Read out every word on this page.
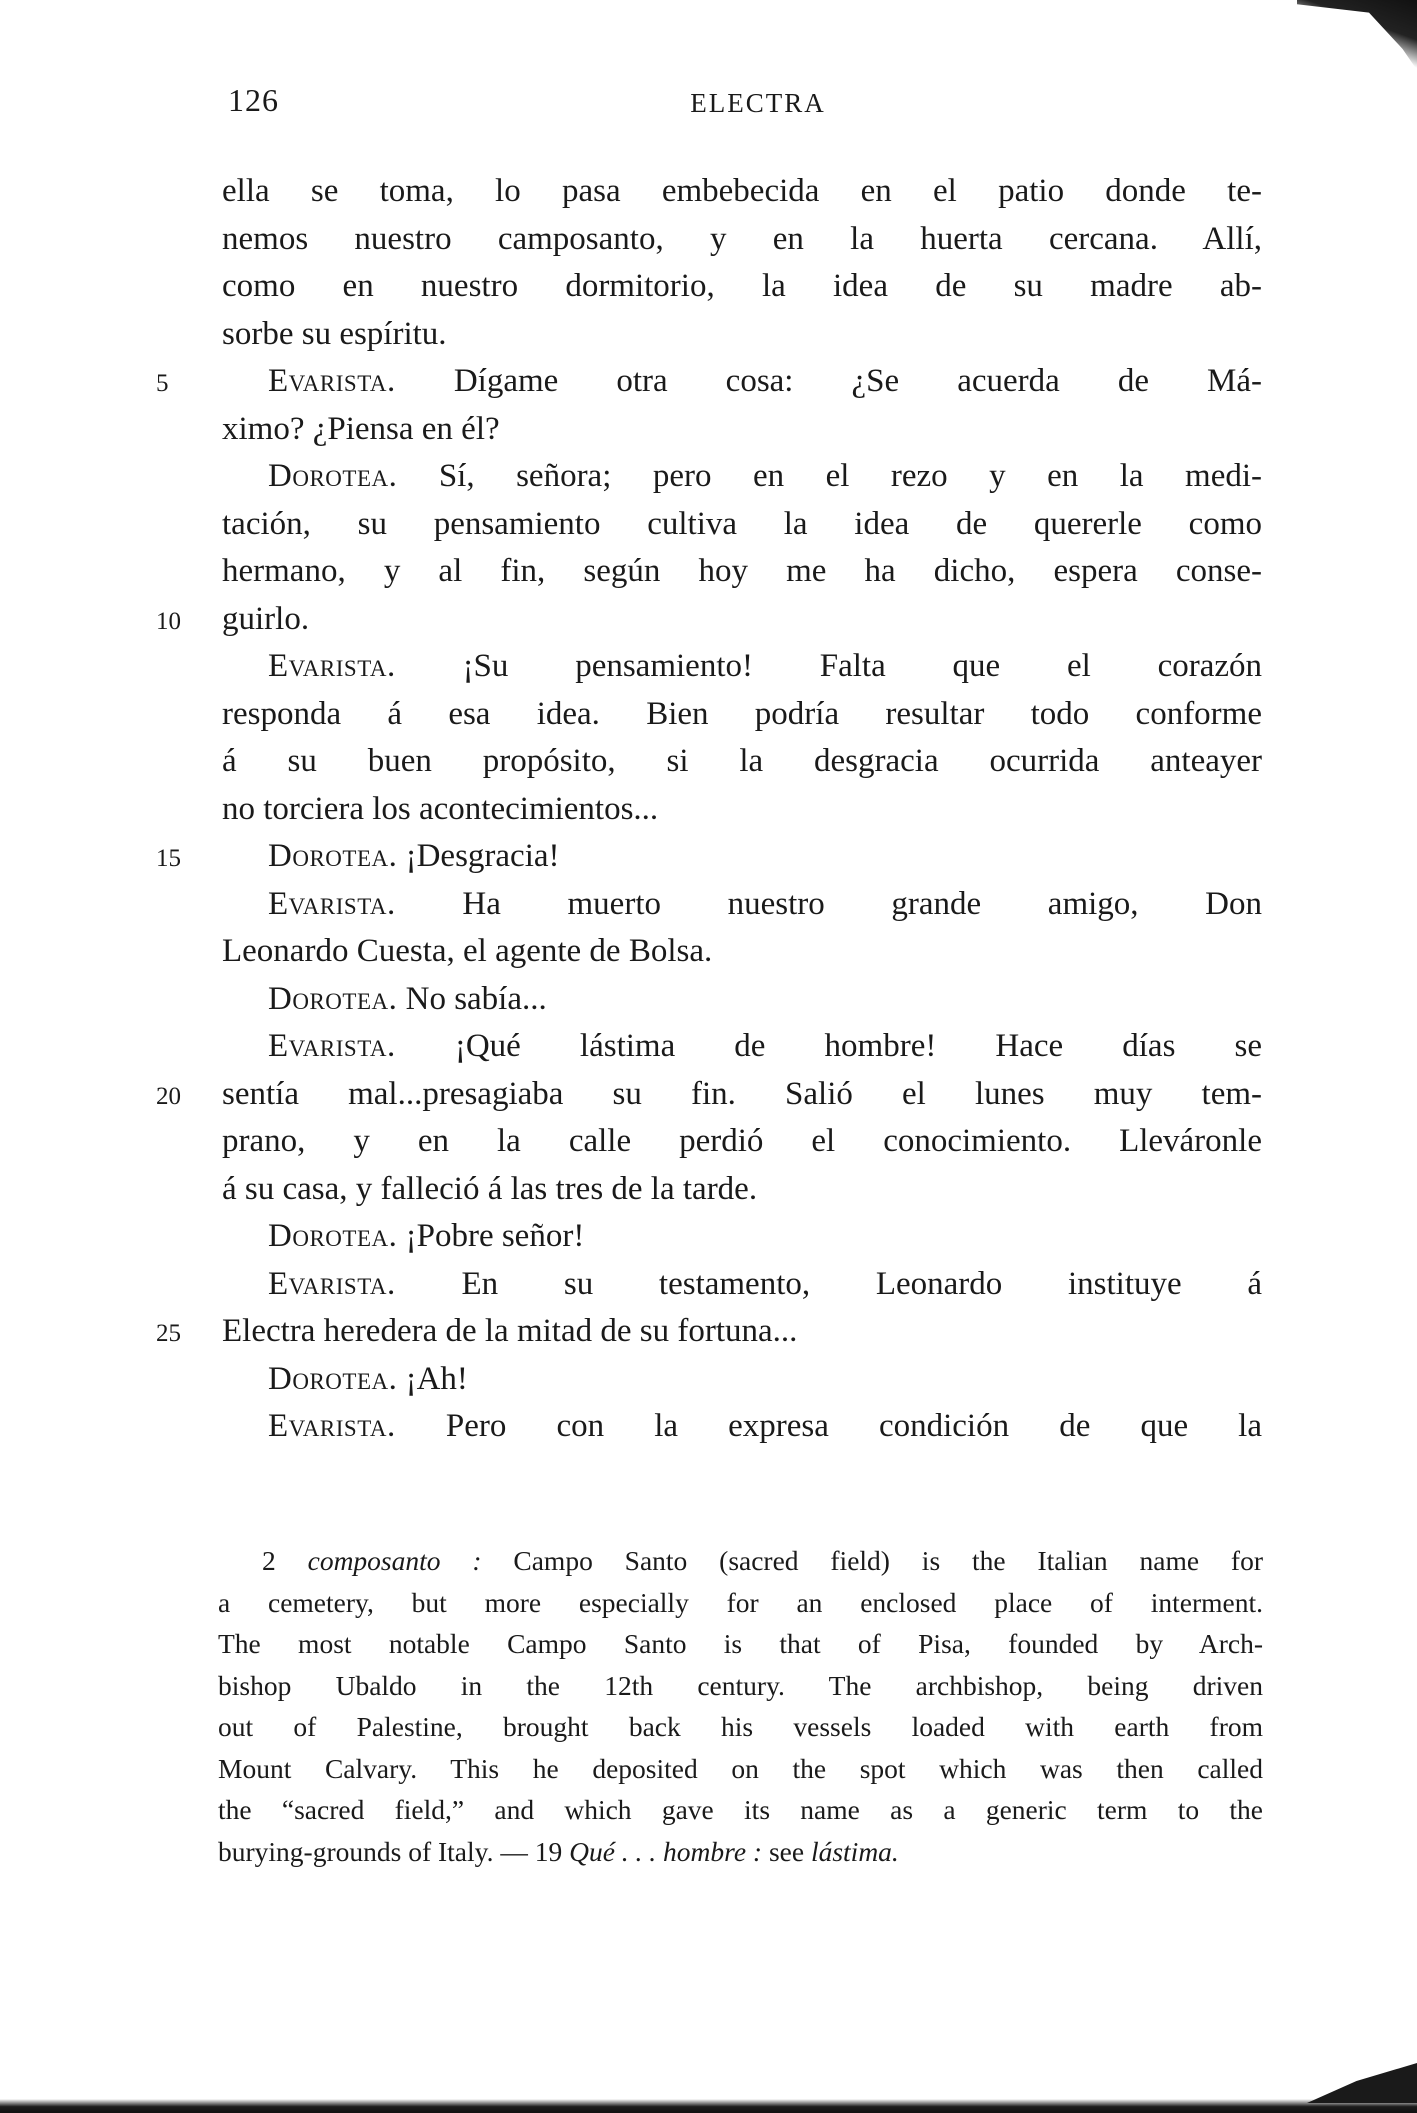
126	ELECTRA
ella se toma, lo pasa embebecida en el patio donde te-
nemos nuestro camposanto, y en la huerta cercana. Allí,
como en nuestro dormitorio, la idea de su madre ab-
sorbe su espíritu.
5	Evarista. Dígame otra cosa: ¿Se acuerda de Má-
ximo? ¿Piensa en él?
Dorotea. Sí, señora; pero en el rezo y en la medi-
tación, su pensamiento cultiva la idea de quererle como
hermano, y al fin, según hoy me ha dicho, espera conse-
10	guirlo.
Evarista. ¡Su pensamiento! Falta que el corazón
responda á esa idea. Bien podría resultar todo conforme
á su buen propósito, si la desgracia ocurrida anteayer
no torciera los acontecimientos...
15	Dorotea. ¡Desgracia!
Evarista. Ha muerto nuestro grande amigo, Don
Leonardo Cuesta, el agente de Bolsa.
Dorotea. No sabía...
Evarista. ¡Qué lástima de hombre! Hace días se
20	sentía mal...presagiaba su fin. Salió el lunes muy tem-
prano, y en la calle perdió el conocimiento. Lleváronle
á su casa, y falleció á las tres de la tarde.
Dorotea. ¡Pobre señor!
Evarista. En su testamento, Leonardo instituye á
25	Electra heredera de la mitad de su fortuna...
Dorotea. ¡Ah!
Evarista. Pero con la expresa condición de que la
2 composanto : Campo Santo (sacred field) is the Italian name for
a cemetery, but more especially for an enclosed place of interment.
The most notable Campo Santo is that of Pisa, founded by Arch-
bishop Ubaldo in the 12th century. The archbishop, being driven
out of Palestine, brought back his vessels loaded with earth from
Mount Calvary. This he deposited on the spot which was then called
the “sacred field,” and which gave its name as a generic term to the
burying-grounds of Italy. — 19 Qué . . . hombre : see lástima.
